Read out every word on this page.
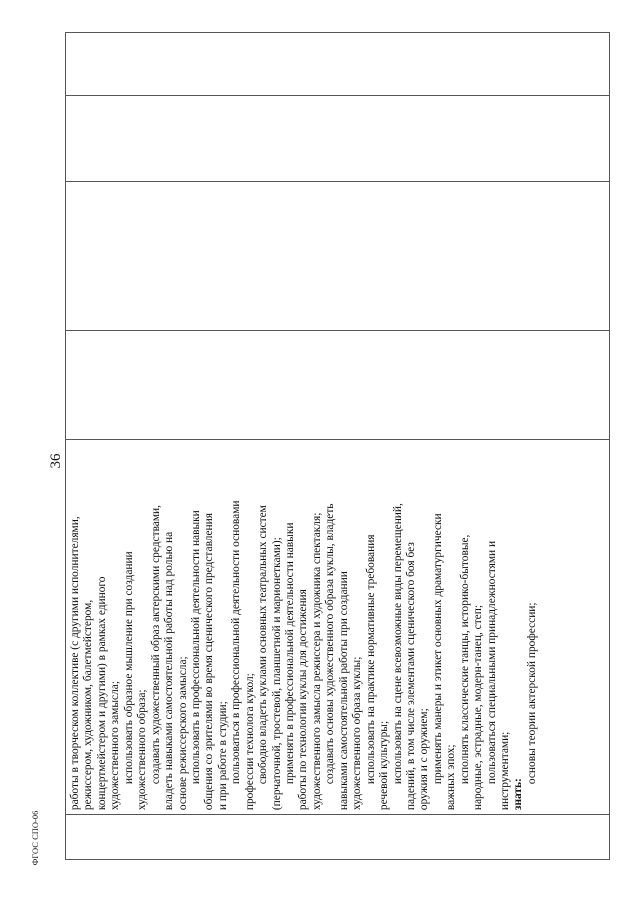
36
работы в творческом коллективе (с другими исполнителями, режиссером, художником, балетмейстером, концертмейстером и другими) в рамках единого художественного замысла; использовать образное мышление при создании художественного образа; создавать художественный образ актерскими средствами, владеть навыками самостоятельной работы над ролью на основе режиссерского замысла; использовать в профессиональной деятельности навыки общения со зрителями во время сценического представления и при работе в студии; пользоваться в профессиональной деятельности основами профессии технолога кукол; свободно владеть куклами основных театральных систем (перчаточной, тростевой, планшетной и марионетками); применять в профессиональной деятельности навыки работы по технологии куклы для достижения художественного замысла режиссера и художника спектакля; создавать основы художественного образа куклы, владеть навыками самостоятельной работы при создании художественного образа куклы; использовать на практике нормативные требования речевой культуры; использовать на сцене всевозможные виды перемещений, падений, в том числе элементами сценического боя без оружия и с оружием; применять манеры и этикет основных драматургически важных эпох; исполнять классические танцы, историко-бытовые, народные, эстрадные, модерн-танец, степ; пользоваться специальными принадлежностями и инструментами; знать:
основы теории актерской профессии;
ФГОС СПО-06
